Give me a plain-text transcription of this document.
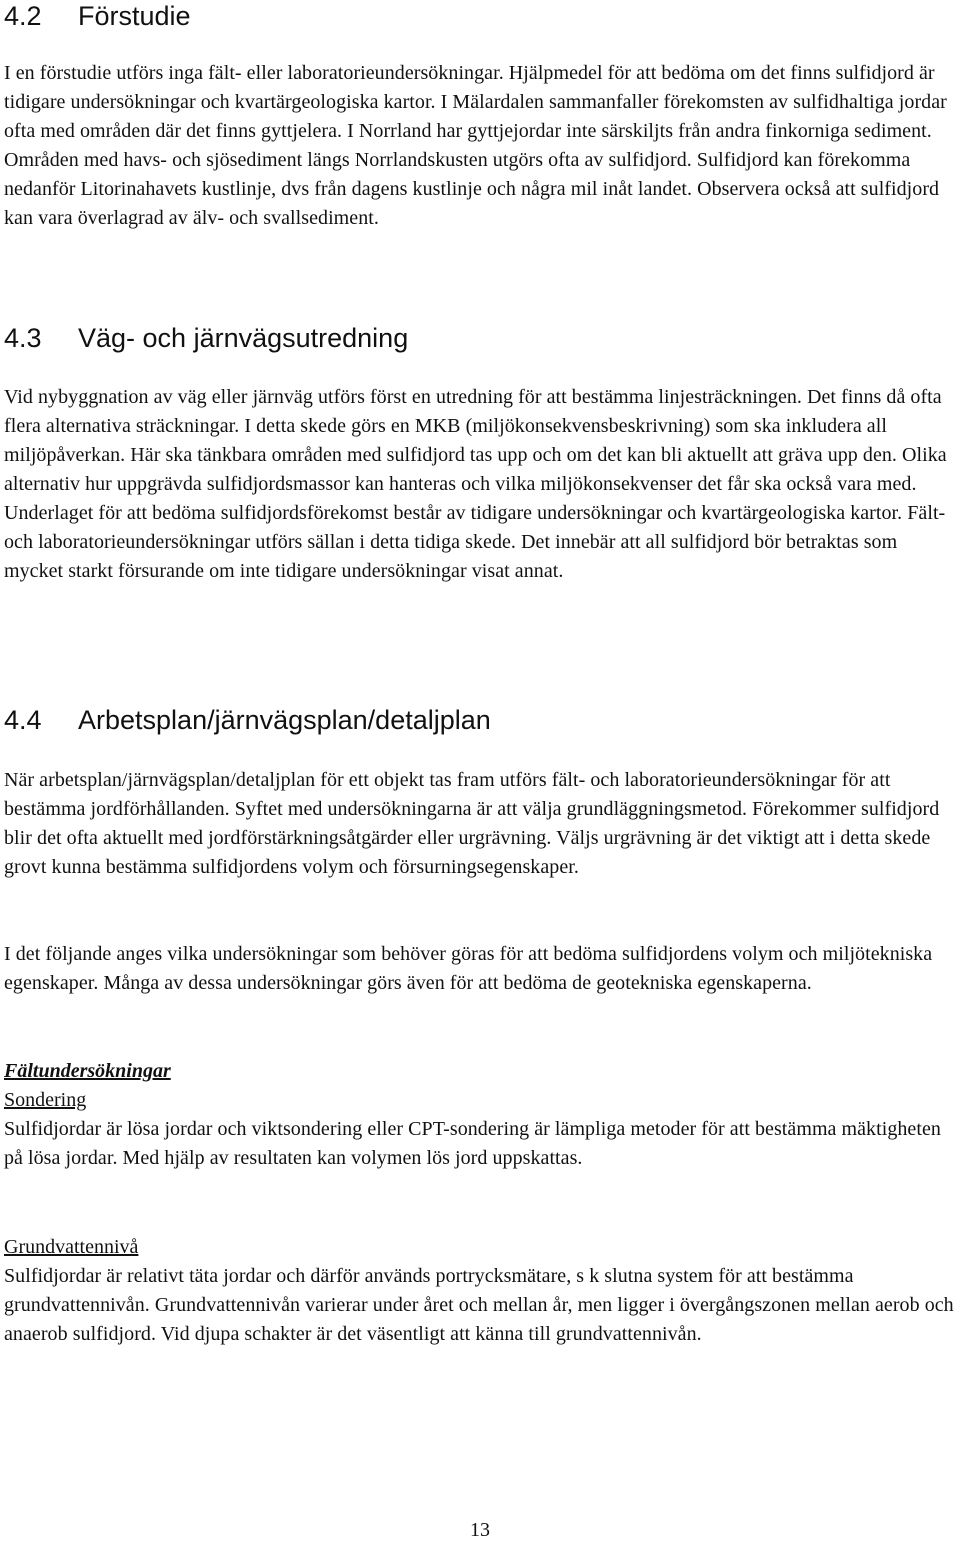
4.2 Förstudie

I en förstudie utförs inga fält- eller laboratorieundersökningar. Hjälpmedel för att bedöma om det finns sulfidjord är tidigare undersökningar och kvartärgeologiska kartor. I Mälardalen sammanfaller förekomsten av sulfidhaltiga jordar ofta med områden där det finns gyttjelera. I Norrland har gyttjejordar inte särskiljts från andra finkorniga sediment. Områden med havs- och sjösediment längs Norrlandskusten utgörs ofta av sulfidjord. Sulfidjord kan förekomma nedanför Litorinahavets kustlinje, dvs från dagens kustlinje och några mil inåt landet. Observera också att sulfidjord kan vara överlagrad av älv- och svallsediment.

4.3 Väg- och järnvägsutredning

Vid nybyggnation av väg eller järnväg utförs först en utredning för att bestämma linjesträckningen. Det finns då ofta flera alternativa sträckningar. I detta skede görs en MKB (miljökonsekvensbeskrivning) som ska inkludera all miljöpåverkan. Här ska tänkbara områden med sulfidjord tas upp och om det kan bli aktuellt att gräva upp den. Olika alternativ hur uppgrävda sulfidjordsmassor kan hanteras och vilka miljökonsekvenser det får ska också vara med. Underlaget för att bedöma sulfidjordsförekomst består av tidigare undersökningar och kvartärgeologiska kartor. Fält- och laboratorieundersökningar utförs sällan i detta tidiga skede. Det innebär att all sulfidjord bör betraktas som mycket starkt försurande om inte tidigare undersökningar visat annat.

4.4 Arbetsplan/järnvägsplan/detaljplan

När arbetsplan/järnvägsplan/detaljplan för ett objekt tas fram utförs fält- och laboratorieundersökningar för att bestämma jordförhållanden. Syftet med undersökningarna är att välja grundläggningsmetod. Förekommer sulfidjord blir det ofta aktuellt med jordförstärkningsåtgärder eller urgrävning. Väljs urgrävning är det viktigt att i detta skede grovt kunna bestämma sulfidjordens volym och försurningsegenskaper.

I det följande anges vilka undersökningar som behöver göras för att bedöma sulfidjordens volym och miljötekniska egenskaper. Många av dessa undersökningar görs även för att bedöma de geotekniska egenskaperna.

Fältundersökningar

Sondering

Sulfidjordar är lösa jordar och viktsondering eller CPT-sondering är lämpliga metoder för att bestämma mäktigheten på lösa jordar. Med hjälp av resultaten kan volymen lös jord uppskattas.

Grundvattennivå

Sulfidjordar är relativt täta jordar och därför används portrycksmätare, s k slutna system för att bestämma grundvattennivån. Grundvattennivån varierar under året och mellan år, men ligger i övergångszonen mellan aerob och anaerob sulfidjord. Vid djupa schakter är det väsentligt att känna till grundvattennivån.

13
